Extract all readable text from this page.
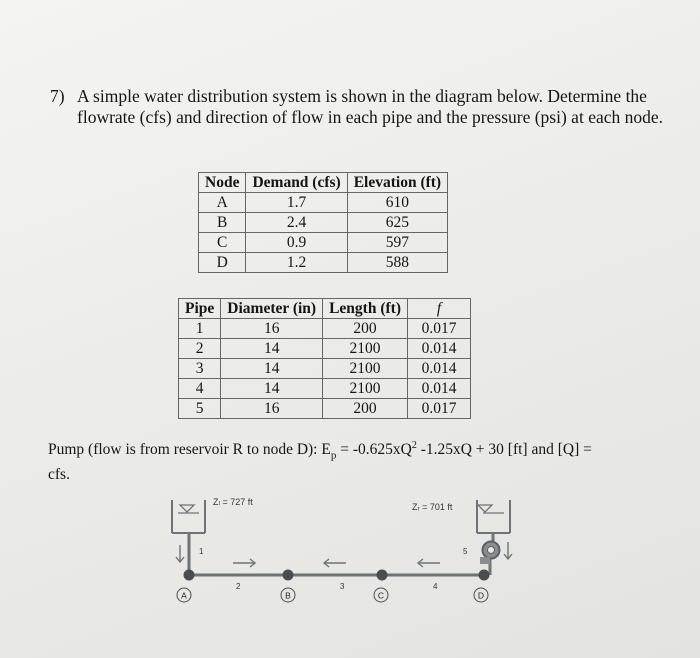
7) A simple water distribution system is shown in the diagram below. Determine the flowrate (cfs) and direction of flow in each pipe and the pressure (psi) at each node.
Node	Demand (cfs)	Elevation (ft)
A	1.7	610
B	2.4	625
C	0.9	597
D	1.2	588
Pipe	Diameter (in)	Length (ft)	f
1	16	200	0.017
2	14	2100	0.014
3	14	2100	0.014
4	14	2100	0.014
5	16	200	0.017
Pump (flow is from reservoir R to node D): $E_p = -0.625xQ^2$ -1.25xQ + 30 [ft] and [Q] =
cfs.
Zₗ = 727 ft	Zᵣ = 701 ft
1
2	3	4
5
A	B	C	D
